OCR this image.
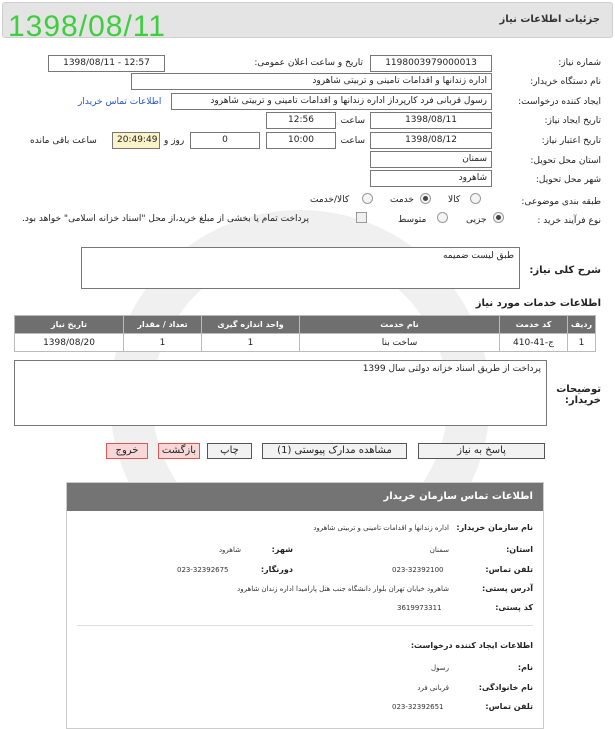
جزئیات اطلاعات نیاز
1398/08/11
شماره نیاز:
1198003979000013
تاریخ و ساعت اعلان عمومی:
1398/08/11 - 12:57
نام دستگاه خریدار:
اداره زندانها و اقدامات تامینی و تربیتی شاهرود
ایجاد کننده درخواست:
رسول قربانی فرد کارپرداز اداره زندانها و اقدامات تامینی و تربیتی شاهرود
اطلاعات تماس خریدار
تاریخ ایجاد نیاز:
1398/08/11
ساعت
12:56
تاریخ اعتبار نیاز:
1398/08/12
ساعت
10:00
0
روز و
20:49:49
ساعت باقی مانده
استان محل تحویل:
سمنان
شهر محل تحویل:
شاهرود
طبقه بندی موضوعی:
کالا
خدمت
کالا/خدمت
نوع فرآیند خرید :
جزیی
متوسط
پرداخت تمام یا بخشی از مبلغ خرید،از محل "اسناد خزانه اسلامی" خواهد بود.
شرح کلی نیاز:
طبق لیست ضمیمه
اطلاعات خدمات مورد نیاز
ردیف	کد خدمت	نام خدمت	واحد اندازه گیری	تعداد / مقدار	تاریخ نیاز
1	ج-41-410	ساخت بنا	1	1	1398/08/20
توضیحات خریدار:
پرداخت از طریق اسناد خزانه دولتی سال 1399
پاسخ به نیاز
مشاهده مدارک پیوستی (1)
چاپ
بازگشت
خروج
اطلاعات تماس سازمان خریدار
نام سازمان خریدار:
اداره زندانها و اقدامات تامینی و تربیتی شاهرود
استان:
سمنان
شهر:
شاهرود
تلفن تماس:
023-32392100
دورنگار:
023-32392675
آدرس پستی:
شاهرود خیابان تهران بلوار دانشگاه جنب هتل پارامیدا اداره زندان شاهرود
کد پستی:
3619973311
اطلاعات ایجاد کننده درخواست:
نام:
رسول
نام خانوادگی:
قربانی فرد
تلفن تماس:
023-32392651
